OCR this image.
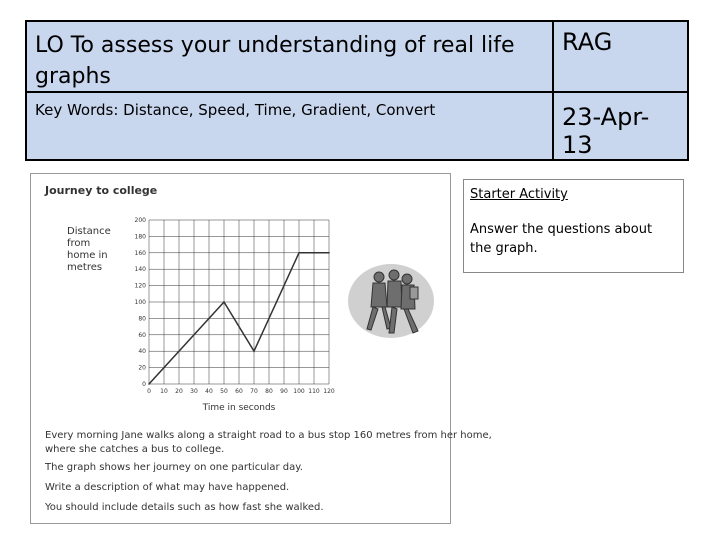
LO To assess your understanding of real life graphs
RAG
Key Words: Distance, Speed, Time, Gradient, Convert	23-Apr-13
Journey to college
Distance
from
home in
metres
0 10 20 30 40 50 60 70 80 90 100 110 120
0
20
40
60
80
100
120
140
160
180
200
Time in seconds
Every morning Jane walks along a straight road to a bus stop 160 metres from her home,
where she catches a bus to college.
The graph shows her journey on one particular day.
Write a description of what may have happened.
You should include details such as how fast she walked.
Starter Activity
Answer the questions about the graph.
